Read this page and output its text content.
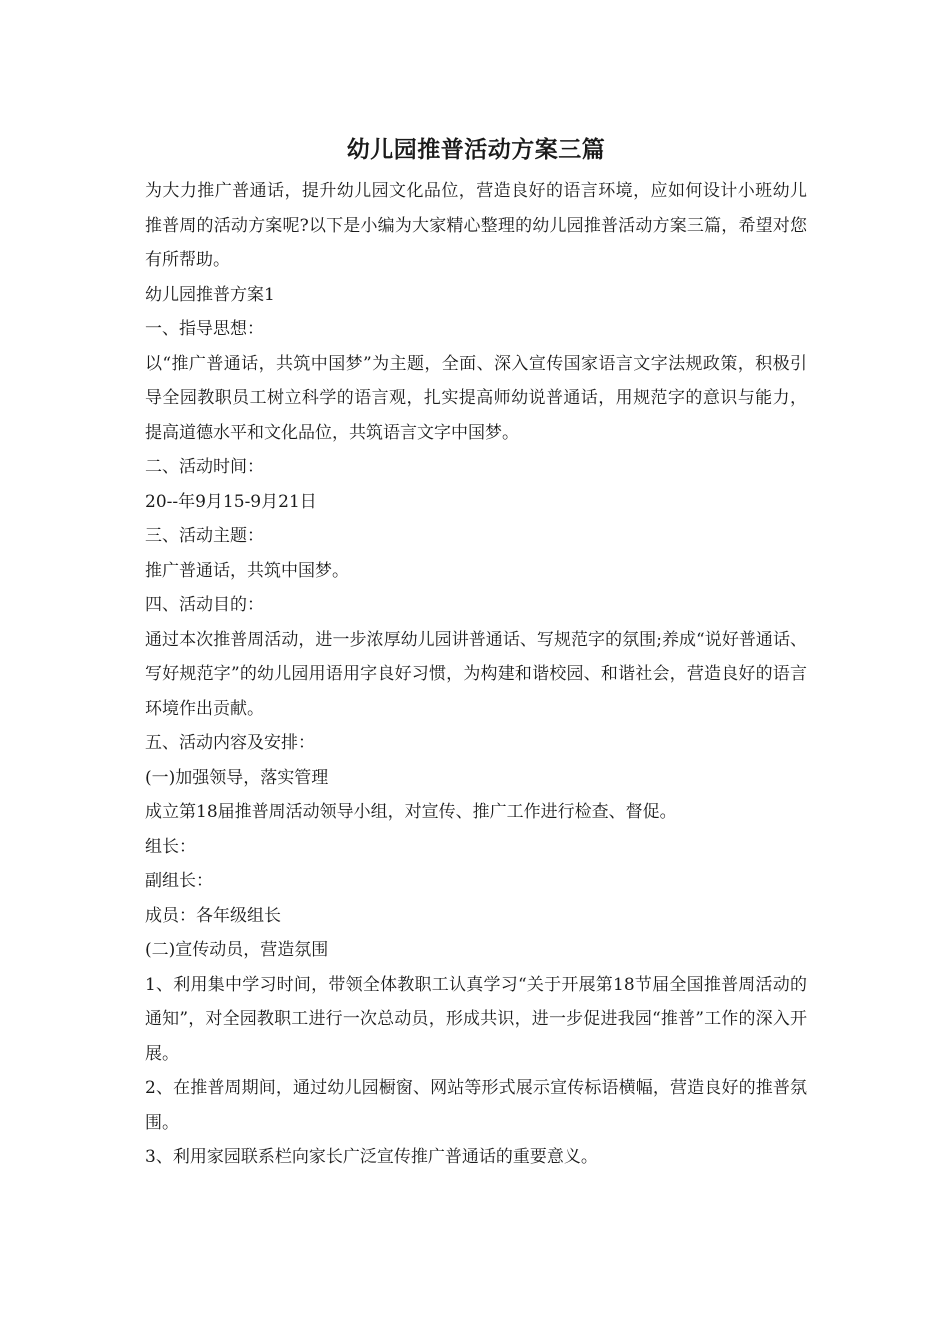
幼儿园推普活动方案三篇

为大力推广普通话，提升幼儿园文化品位，营造良好的语言环境，应如何设计小班幼儿推普周的活动方案呢?以下是小编为大家精心整理的幼儿园推普活动方案三篇，希望对您有所帮助。

幼儿园推普方案1

一、指导思想：

以“推广普通话，共筑中国梦”为主题，全面、深入宣传国家语言文字法规政策，积极引导全园教职员工树立科学的语言观，扎实提高师幼说普通话，用规范字的意识与能力，提高道德水平和文化品位，共筑语言文字中国梦。

二、活动时间：

20--年9月15-9月21日

三、活动主题：

推广普通话，共筑中国梦。

四、活动目的：

通过本次推普周活动，进一步浓厚幼儿园讲普通话、写规范字的氛围;养成“说好普通话、写好规范字”的幼儿园用语用字良好习惯，为构建和谐校园、和谐社会，营造良好的语言环境作出贡献。

五、活动内容及安排：

(一)加强领导，落实管理

成立第18届推普周活动领导小组，对宣传、推广工作进行检查、督促。

组长：

副组长：

成员：各年级组长

(二)宣传动员，营造氛围

1、利用集中学习时间，带领全体教职工认真学习“关于开展第18节届全国推普周活动的通知”，对全园教职工进行一次总动员，形成共识，进一步促进我园“推普”工作的深入开展。

2、在推普周期间，通过幼儿园橱窗、网站等形式展示宣传标语横幅，营造良好的推普氛围。

3、利用家园联系栏向家长广泛宣传推广普通话的重要意义。
